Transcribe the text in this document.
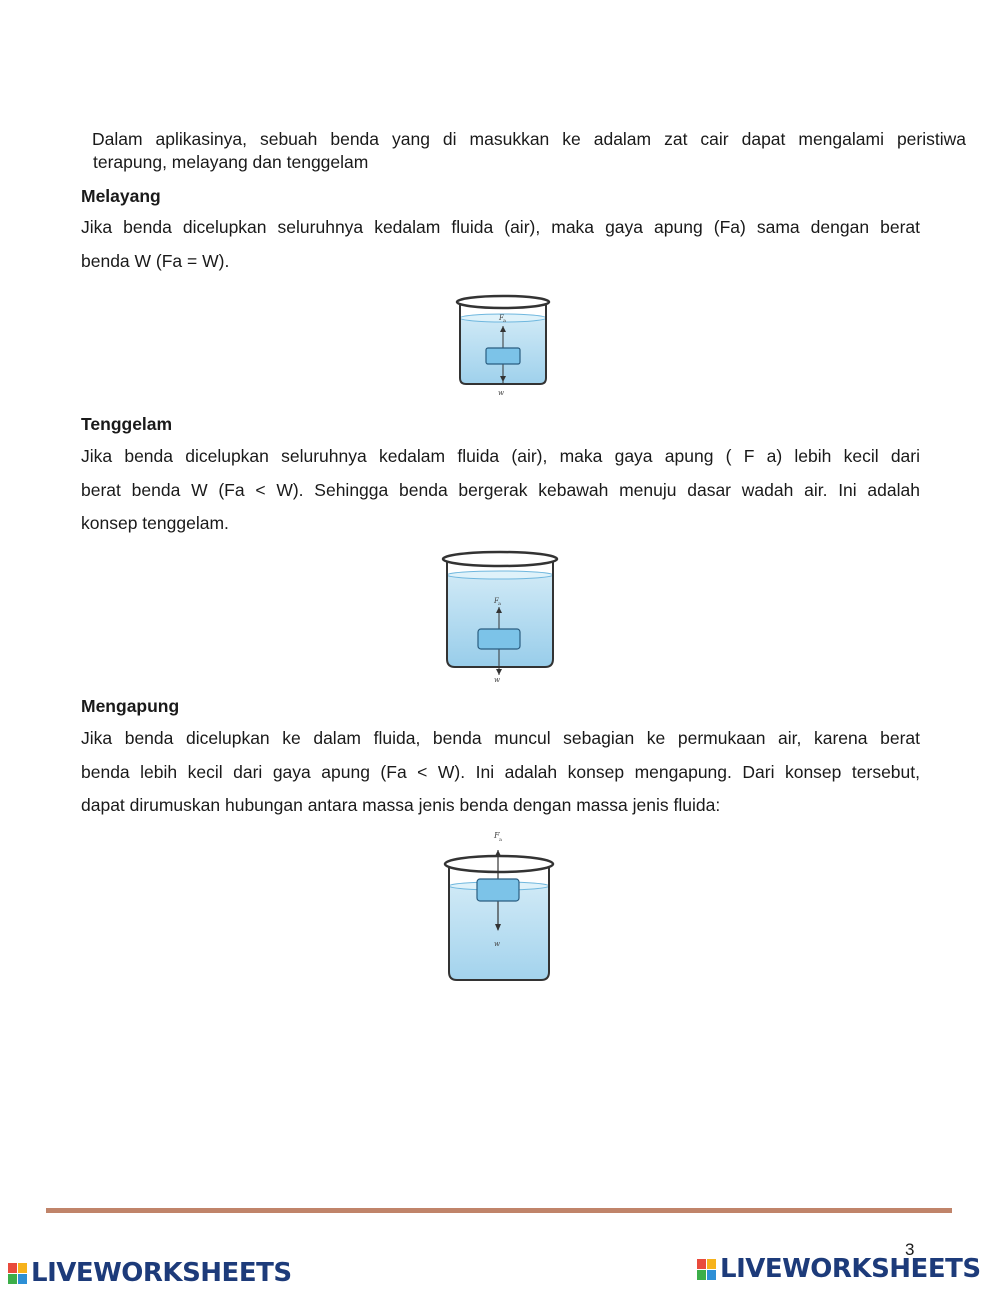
Dalam aplikasinya, sebuah benda yang di masukkan ke adalam zat cair dapat mengalami peristiwa
terapung, melayang dan tenggelam
Melayang
Jika benda dicelupkan seluruhnya kedalam fluida (air), maka gaya apung (Fa) sama dengan berat
benda W (Fa = W).
F a
w
Tenggelam
Jika benda dicelupkan seluruhnya kedalam fluida (air), maka gaya apung ( F a) lebih kecil dari
berat benda W (Fa < W). Sehingga benda bergerak kebawah menuju dasar wadah air. Ini adalah
konsep tenggelam.
F a
w
Mengapung
Jika benda dicelupkan ke dalam fluida, benda muncul sebagian ke permukaan air, karena berat
benda lebih kecil dari gaya apung (Fa < W). Ini adalah konsep mengapung. Dari konsep tersebut,
dapat dirumuskan hubungan antara massa jenis benda dengan massa jenis fluida:
F a
w
3
LIVEWORKSHEETS	LIVEWORKSHEETS
